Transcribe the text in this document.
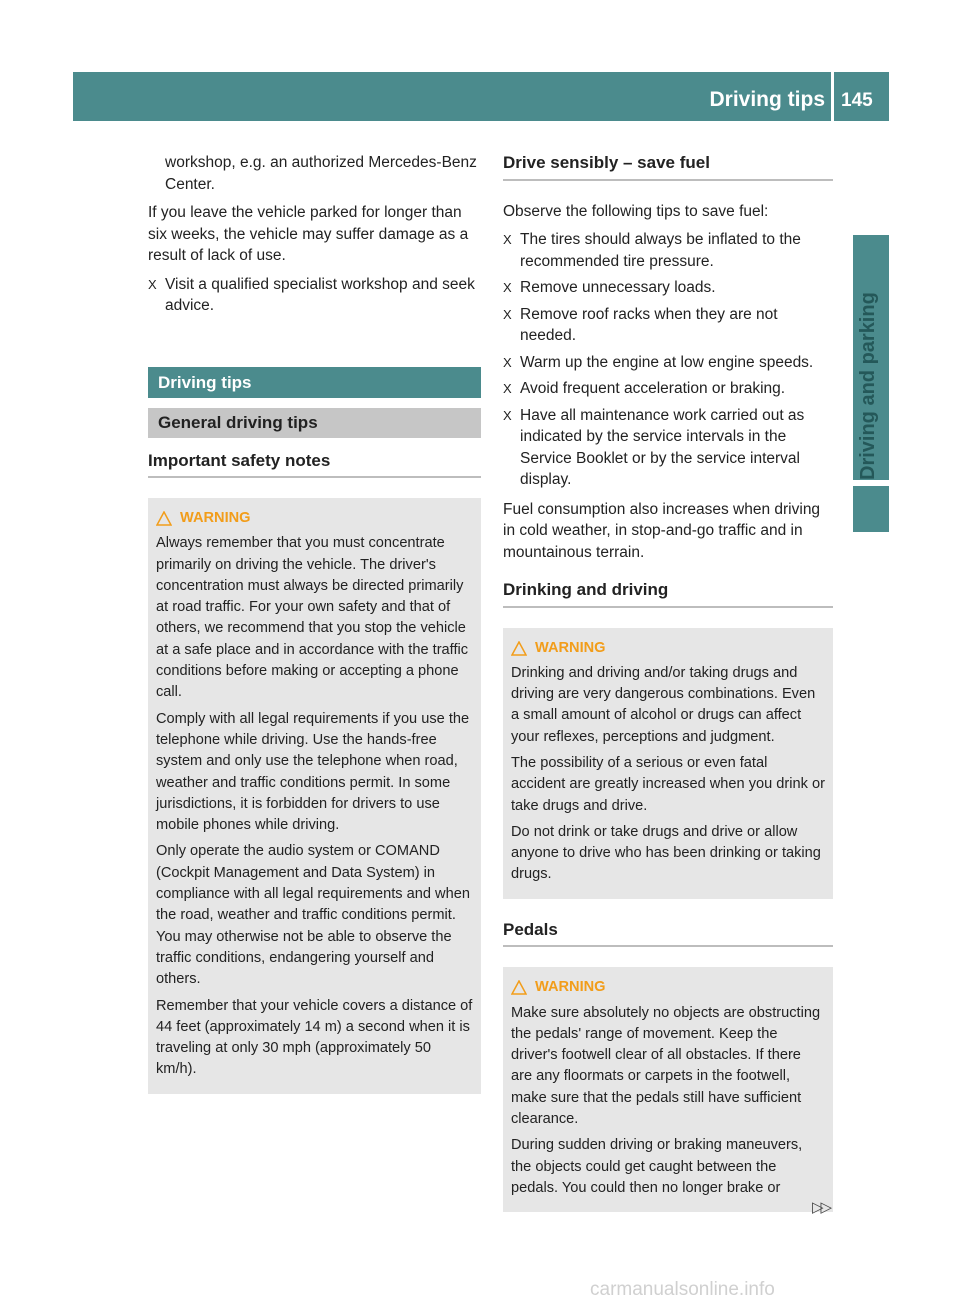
Driving tips 145
Driving and parking

workshop, e.g. an authorized Mercedes-Benz Center.

If you leave the vehicle parked for longer than six weeks, the vehicle may suffer damage as a result of lack of use.

X Visit a qualified specialist workshop and seek advice.
Driving tips
General driving tips
Important safety notes
WARNING

Always remember that you must concentrate primarily on driving the vehicle. The driver's concentration must always be directed primarily at road traffic. For your own safety and that of others, we recommend that you stop the vehicle at a safe place and in accordance with the traffic conditions before making or accepting a phone call.

Comply with all legal requirements if you use the telephone while driving. Use the hands-free system and only use the telephone when road, weather and traffic conditions permit. In some jurisdictions, it is forbidden for drivers to use mobile phones while driving.

Only operate the audio system or COMAND (Cockpit Management and Data System) in compliance with all legal requirements and when the road, weather and traffic conditions permit. You may otherwise not be able to observe the traffic conditions, endangering yourself and others.

Remember that your vehicle covers a distance of 44 feet (approximately 14 m) a second when it is traveling at only 30 mph (approximately 50 km/h).

Drive sensibly – save fuel

Observe the following tips to save fuel:

X The tires should always be inflated to the recommended tire pressure.
X Remove unnecessary loads.
X Remove roof racks when they are not needed.
X Warm up the engine at low engine speeds.
X Avoid frequent acceleration or braking.
X Have all maintenance work carried out as indicated by the service intervals in the Service Booklet or by the service interval display.

Fuel consumption also increases when driving in cold weather, in stop-and-go traffic and in mountainous terrain.

Drinking and driving
WARNING

Drinking and driving and/or taking drugs and driving are very dangerous combinations. Even a small amount of alcohol or drugs can affect your reflexes, perceptions and judgment.

The possibility of a serious or even fatal accident are greatly increased when you drink or take drugs and drive.

Do not drink or take drugs and drive or allow anyone to drive who has been drinking or taking drugs.

Pedals
WARNING

Make sure absolutely no objects are obstructing the pedals' range of movement. Keep the driver's footwell clear of all obstacles. If there are any floormats or carpets in the footwell, make sure that the pedals still have sufficient clearance.

During sudden driving or braking maneuvers, the objects could get caught between the pedals. You could then no longer brake or

▷▷
carmanualsonline.info
